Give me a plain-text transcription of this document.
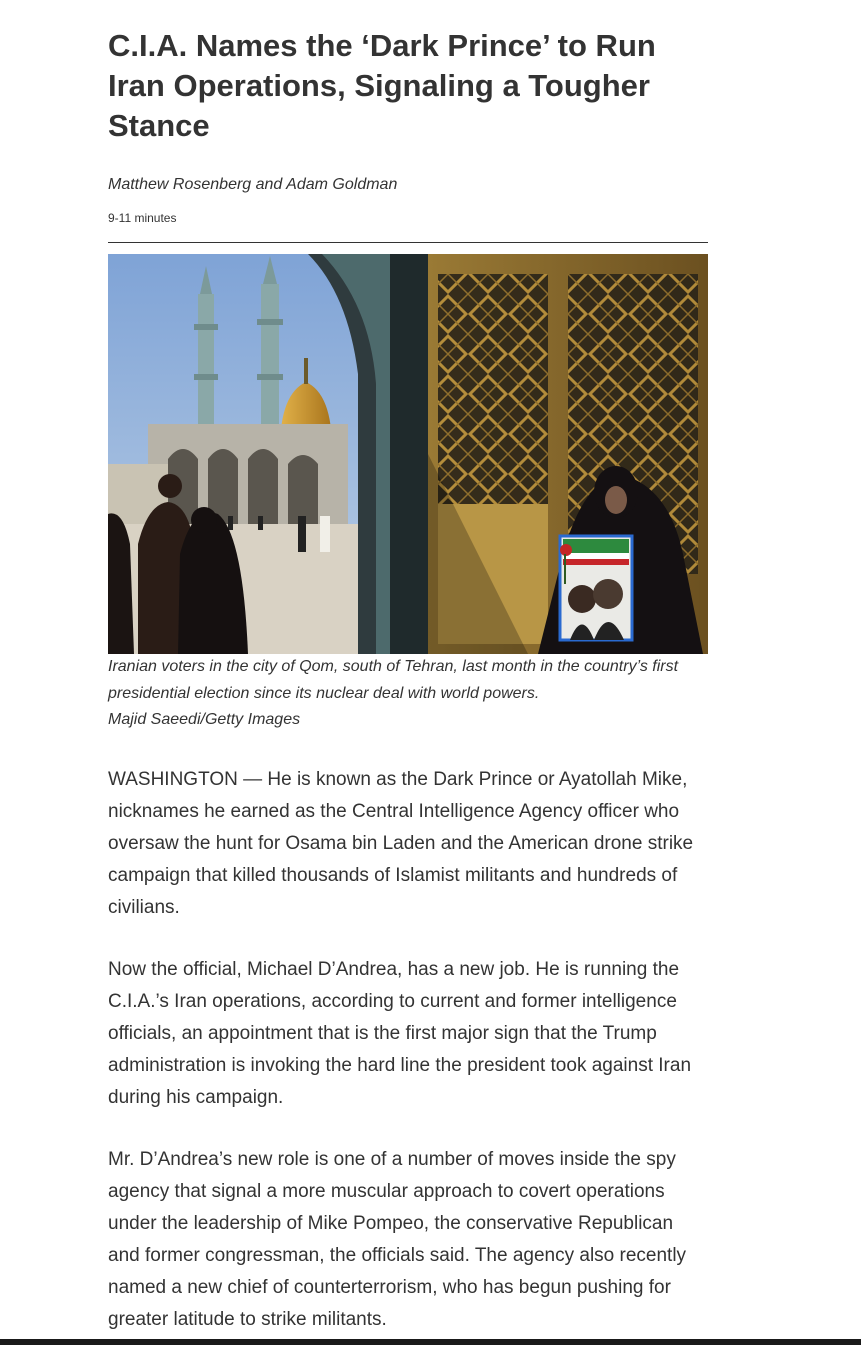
C.I.A. Names the ‘Dark Prince’ to Run Iran Operations, Signaling a Tougher Stance
Matthew Rosenberg and Adam Goldman
9-11 minutes
Iranian voters in the city of Qom, south of Tehran, last month in the country’s first presidential election since its nuclear deal with world powers.
Majid Saeedi/Getty Images

WASHINGTON — He is known as the Dark Prince or Ayatollah Mike, nicknames he earned as the Central Intelligence Agency officer who oversaw the hunt for Osama bin Laden and the American drone strike campaign that killed thousands of Islamist militants and hundreds of civilians.

Now the official, Michael D’Andrea, has a new job. He is running the C.I.A.’s Iran operations, according to current and former intelligence officials, an appointment that is the first major sign that the Trump administration is invoking the hard line the president took against Iran during his campaign.

Mr. D’Andrea’s new role is one of a number of moves inside the spy agency that signal a more muscular approach to covert operations under the leadership of Mike Pompeo, the conservative Republican and former congressman, the officials said. The agency also recently named a new chief of counterterrorism, who has begun pushing for greater latitude to strike militants.
